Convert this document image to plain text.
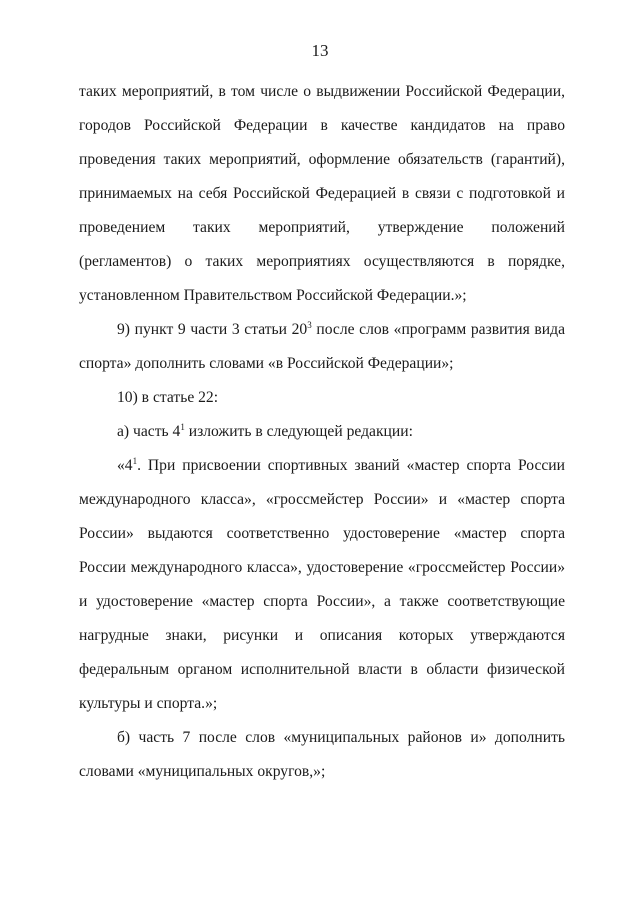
13

таких мероприятий, в том числе о выдвижении Российской Федерации, городов Российской Федерации в качестве кандидатов на право проведения таких мероприятий, оформление обязательств (гарантий), принимаемых на себя Российской Федерацией в связи с подготовкой и проведением таких мероприятий, утверждение положений (регламентов) о таких мероприятиях осуществляются в порядке, установленном Правительством Российской Федерации.»;

9) пункт 9 части 3 статьи $20^3$ после слов «программ развития вида спорта» дополнить словами «в Российской Федерации»;

10) в статье 22:

а) часть $4^1$ изложить в следующей редакции:

«$4^1$. При присвоении спортивных званий «мастер спорта России международного класса», «гроссмейстер России» и «мастер спорта России» выдаются соответственно удостоверение «мастер спорта России международного класса», удостоверение «гроссмейстер России» и удостоверение «мастер спорта России», а также соответствующие нагрудные знаки, рисунки и описания которых утверждаются федеральным органом исполнительной власти в области физической культуры и спорта.»;

б) часть 7 после слов «муниципальных районов и» дополнить словами «муниципальных округов,»;
